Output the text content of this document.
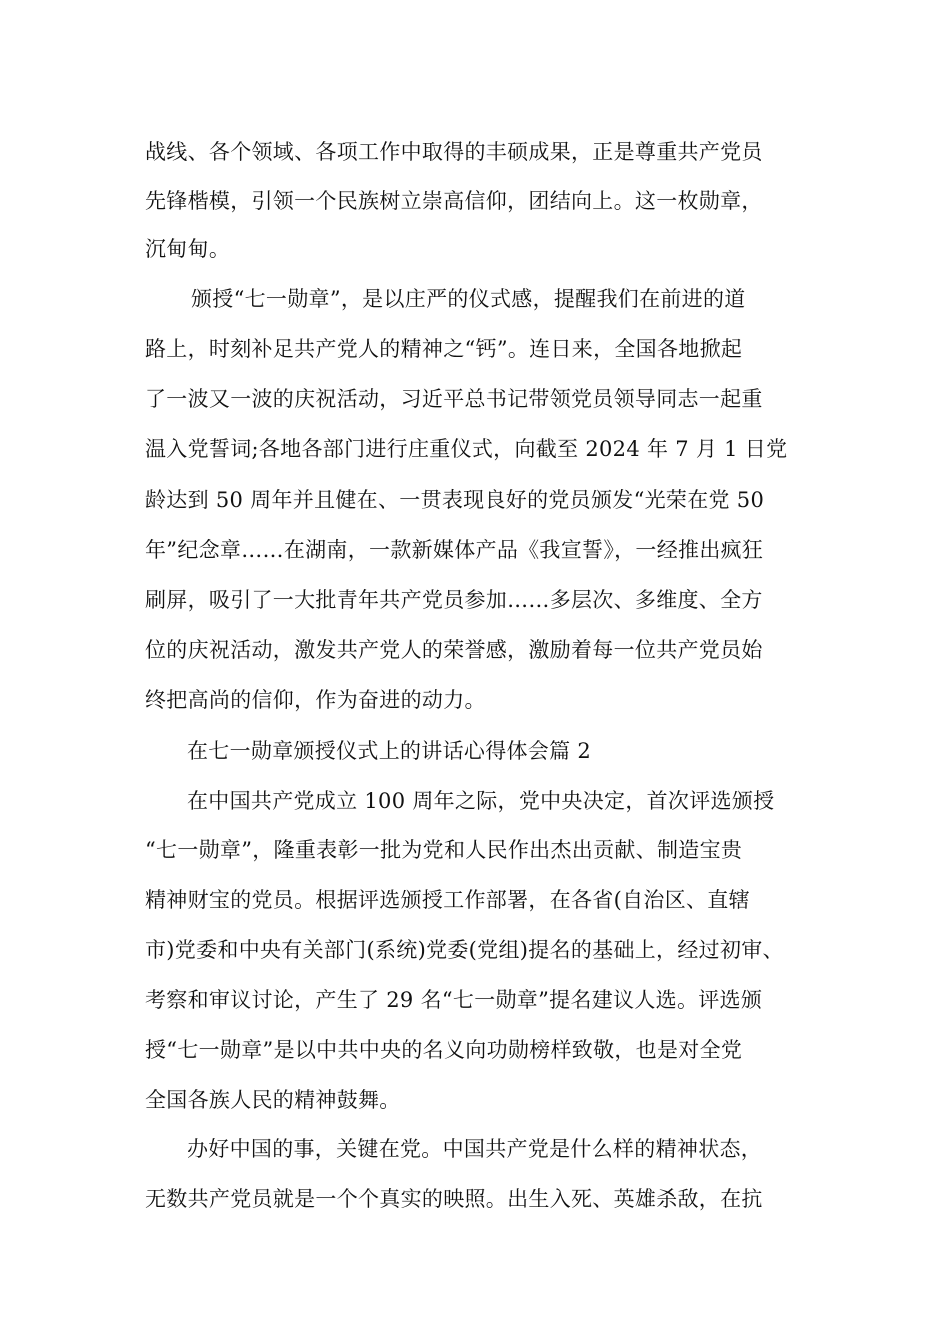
战线、各个领域、各项工作中取得的丰硕成果，正是尊重共产党员
先锋楷模，引领一个民族树立崇高信仰，团结向上。这一枚勋章，
沉甸甸。
颁授“七一勋章”，是以庄严的仪式感，提醒我们在前进的道
路上，时刻补足共产党人的精神之“钙”。连日来，全国各地掀起
了一波又一波的庆祝活动，习近平总书记带领党员领导同志一起重
温入党誓词;各地各部门进行庄重仪式，向截至 2024 年 7 月 1 日党
龄达到 50 周年并且健在、一贯表现良好的党员颁发“光荣在党 50
年”纪念章……在湖南，一款新媒体产品《我宣誓》，一经推出疯狂
刷屏，吸引了一大批青年共产党员参加……多层次、多维度、全方
位的庆祝活动，激发共产党人的荣誉感，激励着每一位共产党员始
终把高尚的信仰，作为奋进的动力。
在七一勋章颁授仪式上的讲话心得体会篇 2
在中国共产党成立 100 周年之际，党中央决定，首次评选颁授
“七一勋章”，隆重表彰一批为党和人民作出杰出贡献、制造宝贵
精神财宝的党员。根据评选颁授工作部署，在各省(自治区、直辖
市)党委和中央有关部门(系统)党委(党组)提名的基础上，经过初审、
考察和审议讨论，产生了 29 名“七一勋章”提名建议人选。评选颁
授“七一勋章”是以中共中央的名义向功勋榜样致敬，也是对全党
全国各族人民的精神鼓舞。
办好中国的事，关键在党。中国共产党是什么样的精神状态，
无数共产党员就是一个个真实的映照。出生入死、英雄杀敌，在抗
